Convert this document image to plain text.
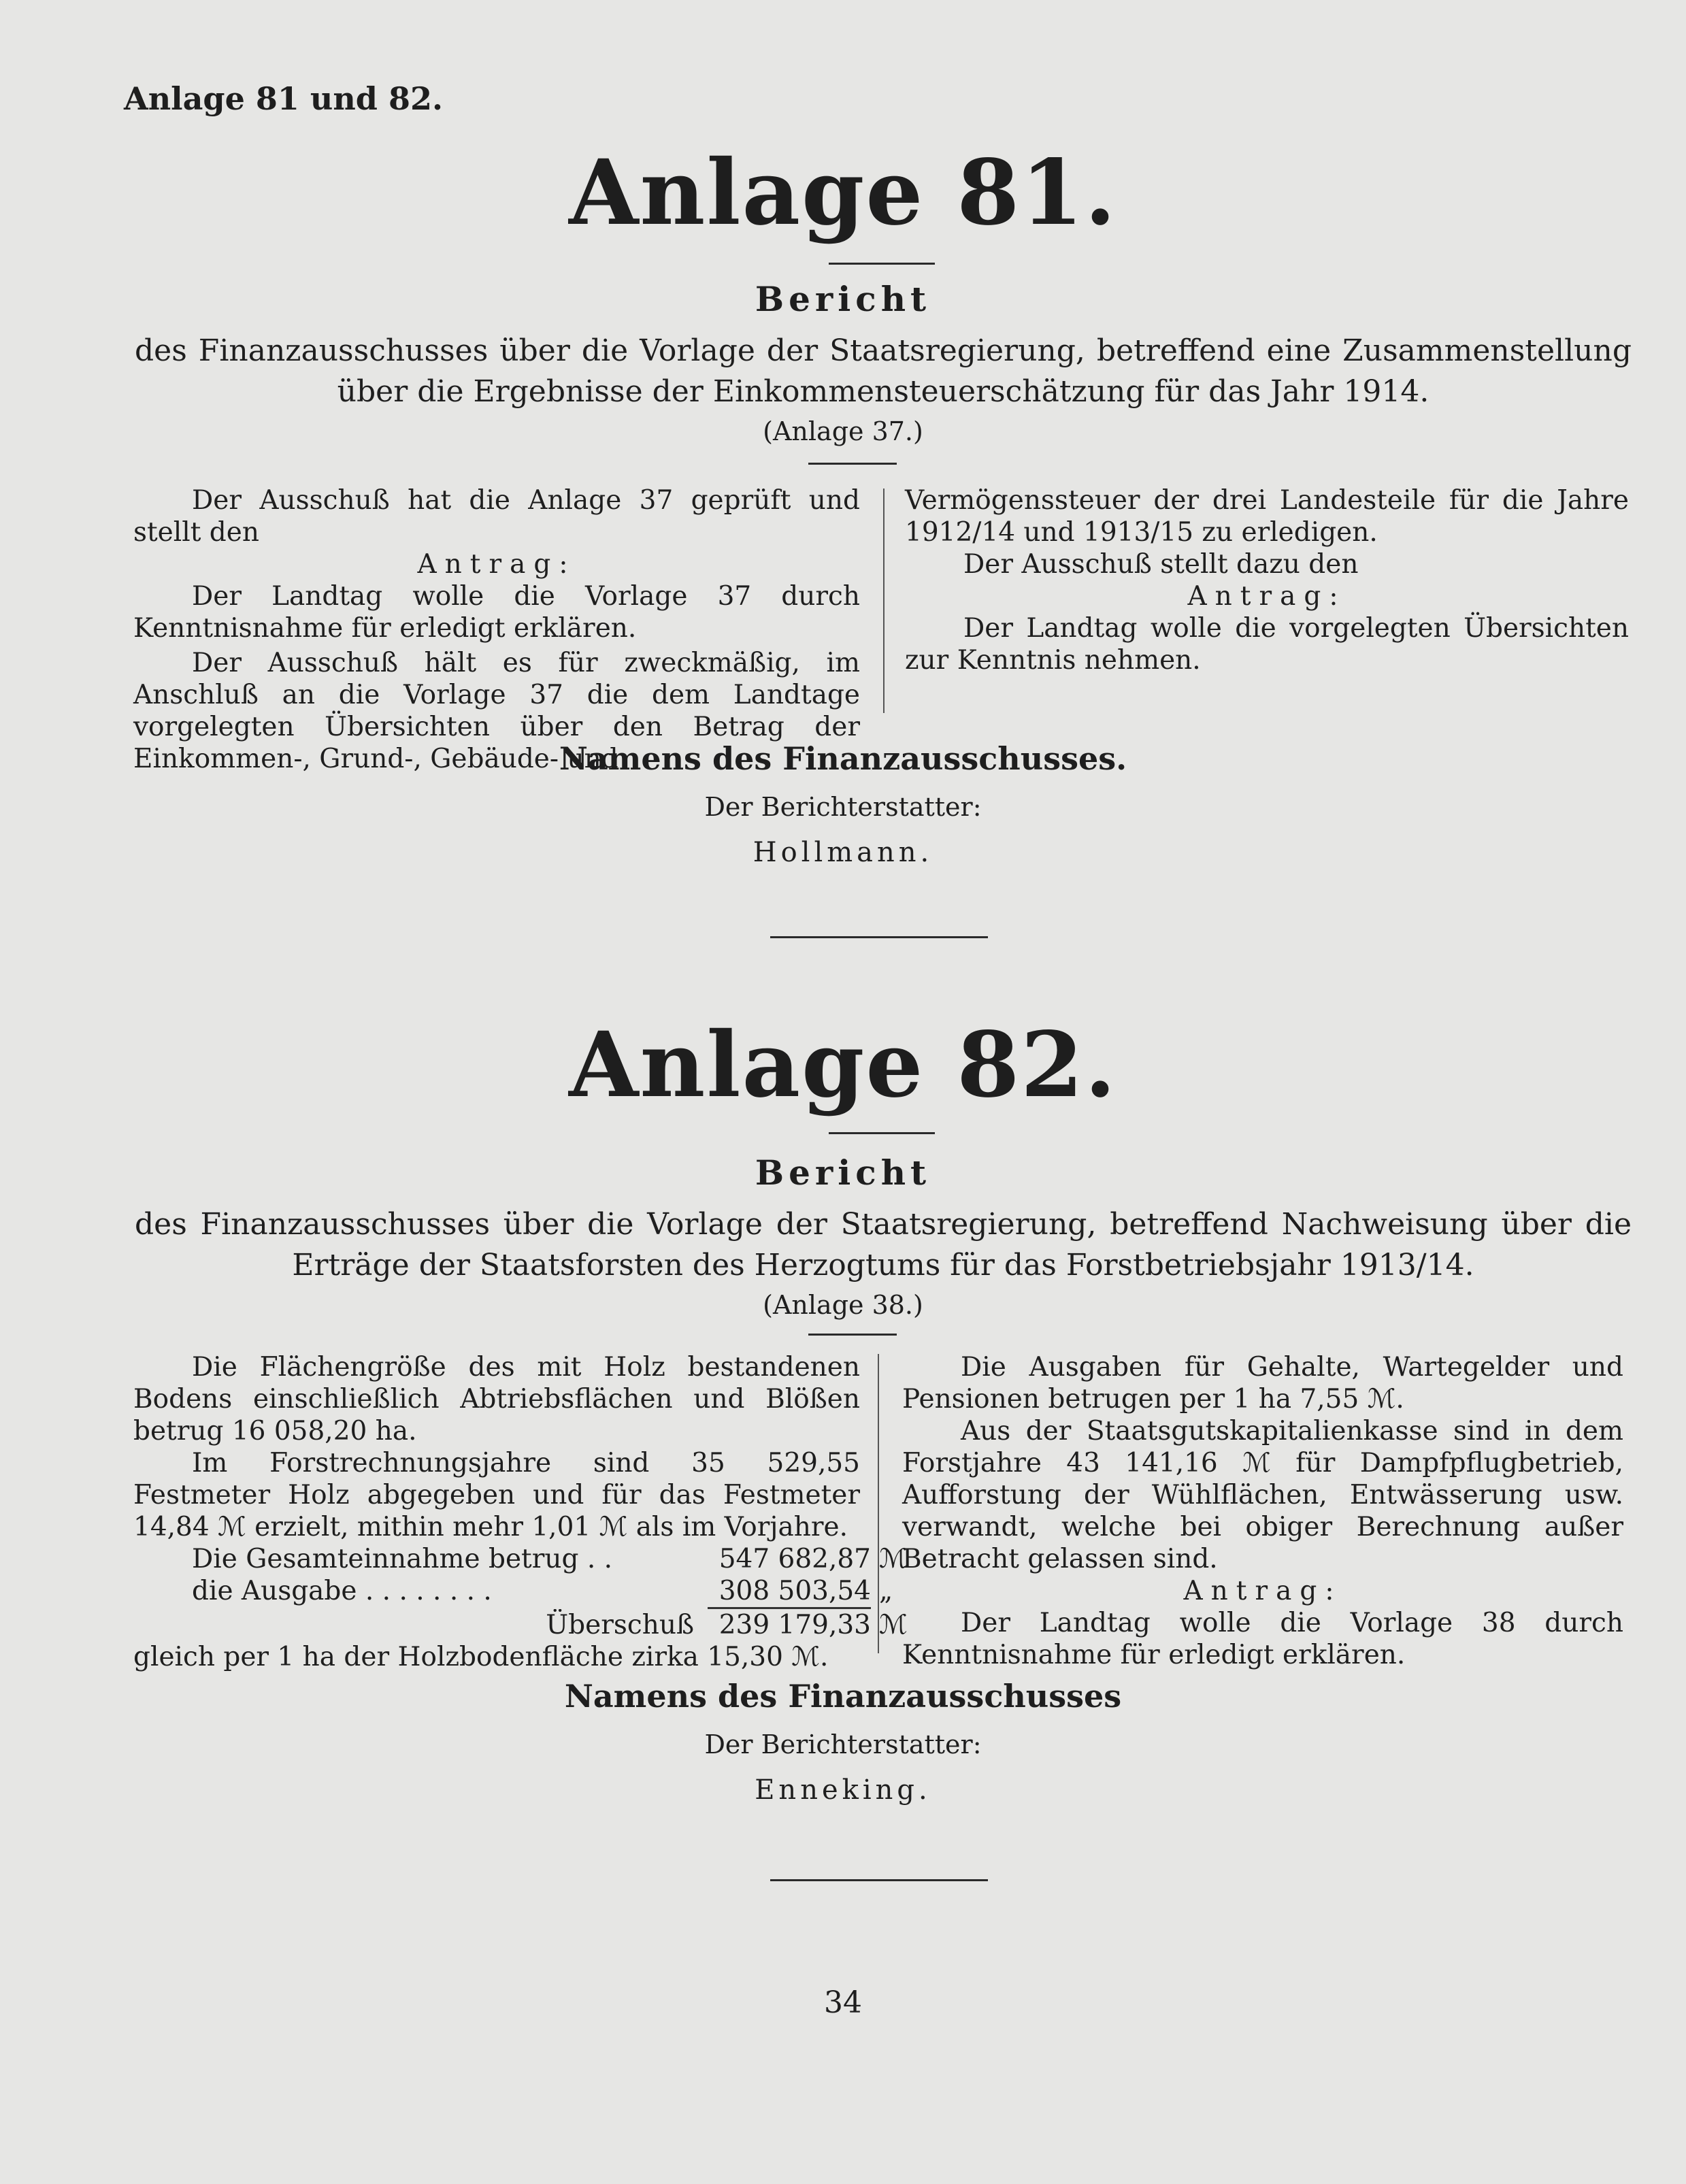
Anlage 81 und 82.
Anlage 81.
Bericht
des Finanzausschusses über die Vorlage der Staatsregierung, betreffend eine Zusammenstellung über die Ergebnisse der Einkommensteuerschätzung für das Jahr 1914.
(Anlage 37.)

Der Ausschuß hat die Anlage 37 geprüft und stellt den

Antrag:

Der Landtag wolle die Vorlage 37 durch Kenntnisnahme für erledigt erklären.

Der Ausschuß hält es für zweckmäßig, im Anschluß an die Vorlage 37 die dem Landtage vorgelegten Übersichten über den Betrag der Einkommen-, Grund-, Gebäude- und

Vermögenssteuer der drei Landesteile für die Jahre 1912/14 und 1913/15 zu erledigen.

Der Ausschuß stellt dazu den

Antrag:

Der Landtag wolle die vorgelegten Übersichten zur Kenntnis nehmen.

Namens des Finanzausschusses.
Der Berichterstatter:
Hollmann.
Anlage 82.
Bericht
des Finanzausschusses über die Vorlage der Staatsregierung, betreffend Nachweisung über die Erträge der Staatsforsten des Herzogtums für das Forstbetriebsjahr 1913/14.
(Anlage 38.)

Die Flächengröße des mit Holz bestandenen Bodens einschließlich Abtriebsflächen und Blößen betrug 16 058,20 ha.

Im Forstrechnungsjahre sind 35 529,55 Festmeter Holz abgegeben und für das Festmeter 14,84 ℳ erzielt, mithin mehr 1,01 ℳ als im Vorjahre.

Die Gesamteinnahme betrug . .	547 682,87 ℳ
die Ausgabe . . . . . . . .	308 503,54 „
Überschuß 239 179,33 ℳ

gleich per 1 ha der Holzbodenfläche zirka 15,30 ℳ.

Die Ausgaben für Gehalte, Wartegelder und Pensionen betrugen per 1 ha 7,55 ℳ.

Aus der Staatsgutskapitalienkasse sind in dem Forstjahre 43 141,16 ℳ für Dampfpflugbetrieb, Aufforstung der Wühlflächen, Entwässerung usw. verwandt, welche bei obiger Berechnung außer Betracht gelassen sind.

Antrag:

Der Landtag wolle die Vorlage 38 durch Kenntnisnahme für erledigt erklären.

Namens des Finanzausschusses
Der Berichterstatter:
Enneking.
34
